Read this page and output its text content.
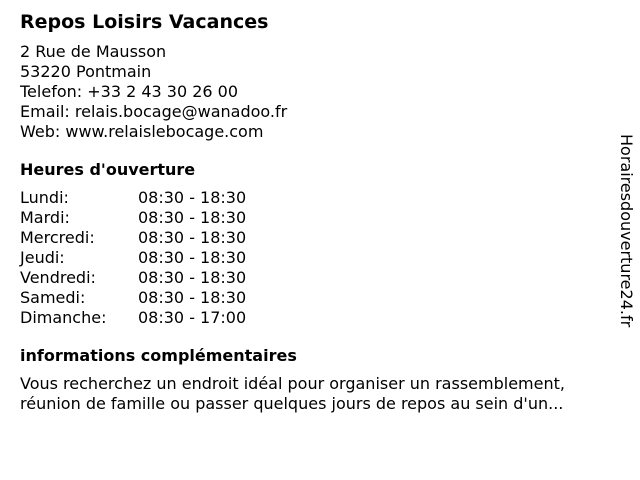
Repos Loisirs Vacances
2 Rue de Mausson
53220 Pontmain
Telefon: +33 2 43 30 26 00
Email: relais.bocage@wanadoo.fr
Web: www.relaislebocage.com
Heures d'ouverture
Lundi:	08:30 - 18:30
Mardi:	08:30 - 18:30
Mercredi:	08:30 - 18:30
Jeudi:	08:30 - 18:30
Vendredi:	08:30 - 18:30
Samedi:	08:30 - 18:30
Dimanche:	08:30 - 17:00
informations complémentaires
Vous recherchez un endroit idéal pour organiser un rassemblement, réunion de famille ou passer quelques jours de repos au sein d'un...
Horairesdouverture24.fr
